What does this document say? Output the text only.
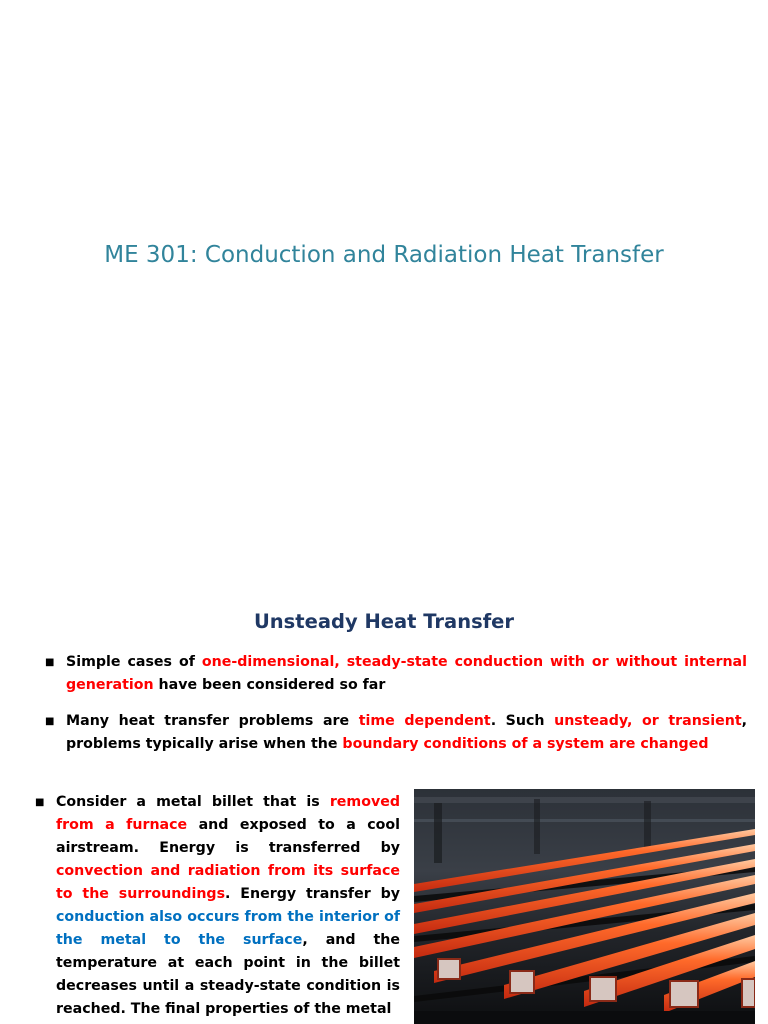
ME 301: Conduction and Radiation Heat Transfer
Unsteady Heat Transfer
■ Simple cases of one-dimensional, steady-state conduction with or without internal generation have been considered so far
■ Many heat transfer problems are time dependent. Such unsteady, or transient, problems typically arise when the boundary conditions of a system are changed
■ Consider a metal billet that is removed from a furnace and exposed to a cool airstream. Energy is transferred by convection and radiation from its surface to the surroundings. Energy transfer by conduction also occurs from the interior of the metal to the surface, and the temperature at each point in the billet decreases until a steady-state condition is reached. The final properties of the metal
